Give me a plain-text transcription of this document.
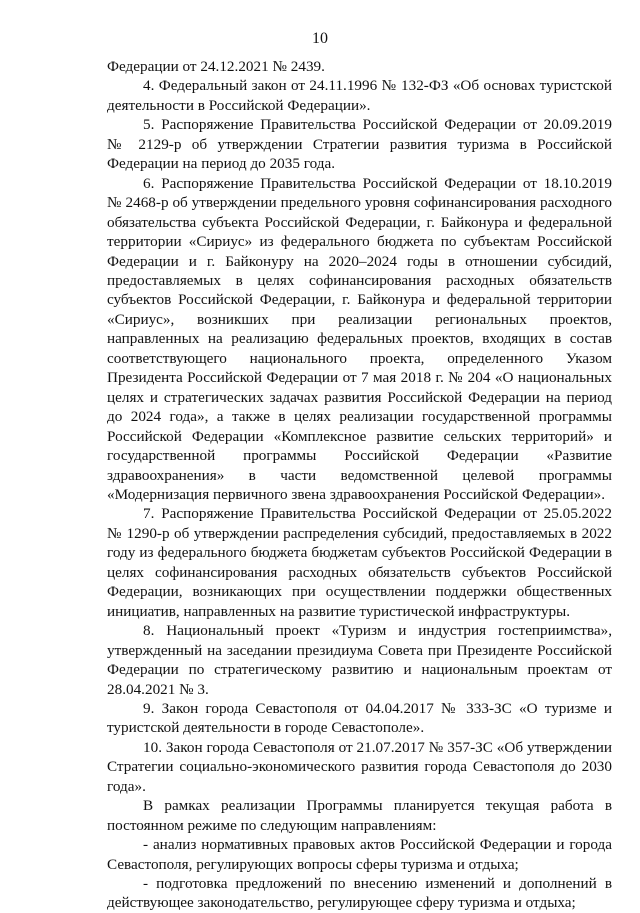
10

Федерации от 24.12.2021 № 2439.

4. Федеральный закон от 24.11.1996 № 132-ФЗ «Об основах туристской деятельности в Российской Федерации».

5. Распоряжение Правительства Российской Федерации от 20.09.2019 № 2129-р об утверждении Стратегии развития туризма в Российской Федерации на период до 2035 года.

6. Распоряжение Правительства Российской Федерации от 18.10.2019 № 2468-р об утверждении предельного уровня софинансирования расходного обязательства субъекта Российской Федерации, г. Байконура и федеральной территории «Сириус» из федерального бюджета по субъектам Российской Федерации и г. Байконуру на 2020–2024 годы в отношении субсидий, предоставляемых в целях софинансирования расходных обязательств субъектов Российской Федерации, г. Байконура и федеральной территории «Сириус», возникших при реализации региональных проектов, направленных на реализацию федеральных проектов, входящих в состав соответствующего национального проекта, определенного Указом Президента Российской Федерации от 7 мая 2018 г. № 204 «О национальных целях и стратегических задачах развития Российской Федерации на период до 2024 года», а также в целях реализации государственной программы Российской Федерации «Комплексное развитие сельских территорий» и государственной программы Российской Федерации «Развитие здравоохранения» в части ведомственной целевой программы «Модернизация первичного звена здравоохранения Российской Федерации».

7. Распоряжение Правительства Российской Федерации от 25.05.2022 № 1290-р об утверждении распределения субсидий, предоставляемых в 2022 году из федерального бюджета бюджетам субъектов Российской Федерации в целях софинансирования расходных обязательств субъектов Российской Федерации, возникающих при осуществлении поддержки общественных инициатив, направленных на развитие туристической инфраструктуры.

8. Национальный проект «Туризм и индустрия гостеприимства», утвержденный на заседании президиума Совета при Президенте Российской Федерации по стратегическому развитию и национальным проектам от 28.04.2021 № 3.

9. Закон города Севастополя от 04.04.2017 № 333-ЗС «О туризме и туристской деятельности в городе Севастополе».

10. Закон города Севастополя от 21.07.2017 № 357-ЗС «Об утверждении Стратегии социально-экономического развития города Севастополя до 2030 года».

В рамках реализации Программы планируется текущая работа в постоянном режиме по следующим направлениям:

- анализ нормативных правовых актов Российской Федерации и города Севастополя, регулирующих вопросы сферы туризма и отдыха;

- подготовка предложений по внесению изменений и дополнений в действующее законодательство, регулирующее сферу туризма и отдыха;
